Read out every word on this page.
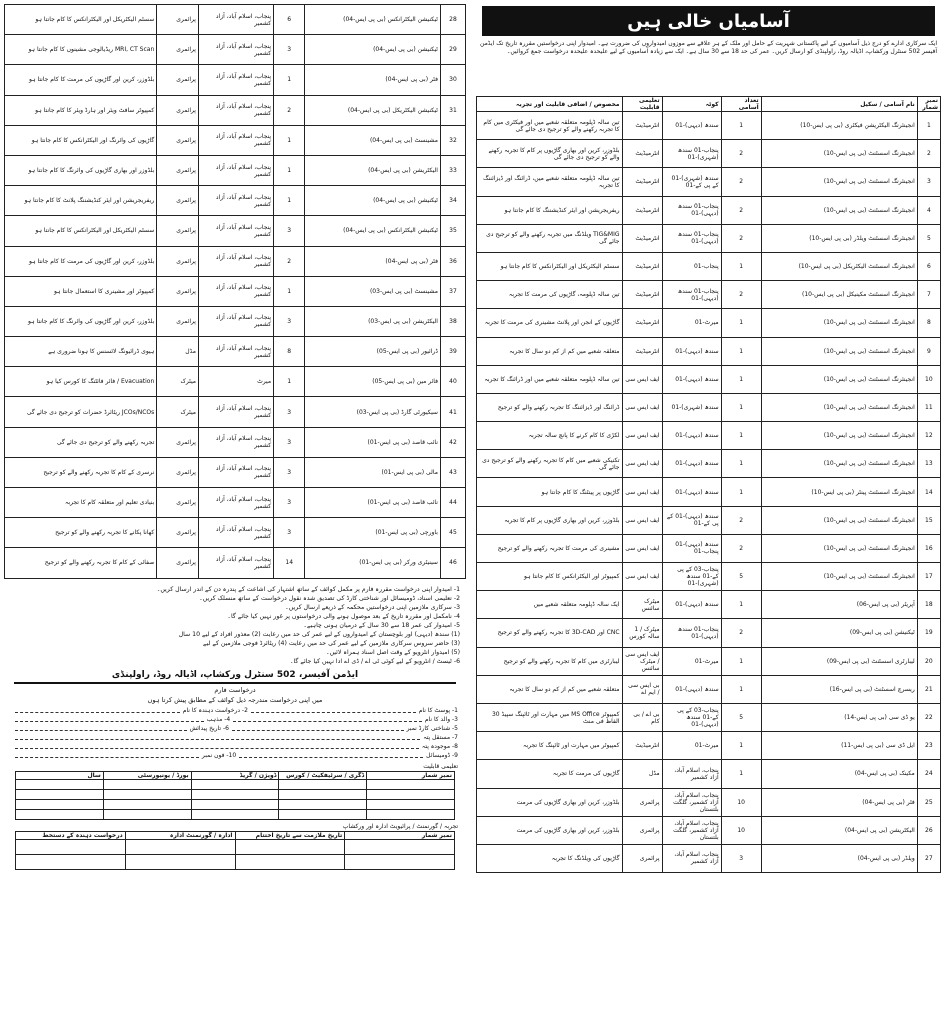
آسامیاں خالی ہیں
ایک سرکاری ادارے کو درج ذیل آسامیوں کے لیے پاکستانی شہریت کے حامل اور ملک کے ہر علاقے سے موزوں امیدواروں کی ضرورت ہے۔ امیدوار اپنی درخواستیں مقررہ تاریخ تک ایڈمن آفیسر 502 سنٹرل ورکشاپ، اڈیالہ روڈ، راولپنڈی کو ارسال کریں۔ عمر کی حد 18 سے 30 سال ہے۔ ایک سے زیادہ آسامیوں کے لیے علیحدہ علیحدہ درخواست جمع کروائیں۔
مخصوص / اضافی قابلیت اور تجربہ	تعلیمی قابلیت	کوٹہ	تعداد آسامی	نام آسامی / سکیل	نمبر شمار
تین سالہ ڈپلومہ متعلقہ شعبے میں اور فیکٹری میں کام کا تجربہ رکھنے والے کو ترجیح دی جائے گی	انٹرمیڈیٹ	سندھ (دیہی)-01	1	انجینئرنگ الیکٹریشن فیکٹری (بی پی ایس-10)	1
بلڈوزر، کرین اور بھاری گاڑیوں پر کام کا تجربہ رکھنے والے کو ترجیح دی جائے گی	انٹرمیڈیٹ	پنجاب-01 سندھ (شہری)-01	2	انجینئرنگ اسسٹنٹ (بی پی ایس-10)	2
تین سالہ ڈپلومہ متعلقہ شعبے میں، ڈرائنگ اور ڈیزائننگ کا تجربہ	انٹرمیڈیٹ	سندھ (شہری)-01 کے پی کے-01	2	انجینئرنگ اسسٹنٹ (بی پی ایس-10)	3
ریفریجریشن اور ایئر کنڈیشننگ کا کام جانتا ہو	انٹرمیڈیٹ	پنجاب-01 سندھ (دیہی)-01	2	انجینئرنگ اسسٹنٹ (بی پی ایس-10)	4
TIG&MIG ویلڈنگ میں تجربہ رکھنے والے کو ترجیح دی جائے گی	انٹرمیڈیٹ	پنجاب-01 سندھ (دیہی)-01	2	انجینئرنگ اسسٹنٹ ویلڈر (بی پی ایس-10)	5
سسٹم الیکٹریکل اور الیکٹرانکس کا کام جانتا ہو	انٹرمیڈیٹ	پنجاب-01	1	انجینئرنگ اسسٹنٹ الیکٹریکل (بی پی ایس-10)	6
تین سالہ ڈپلومہ، گاڑیوں کی مرمت کا تجربہ	انٹرمیڈیٹ	پنجاب-01 سندھ (دیہی)-01	2	انجینئرنگ اسسٹنٹ مکینیکل (بی پی ایس-10)	7
گاڑیوں کے انجن اور پلانٹ مشینری کی مرمت کا تجربہ	انٹرمیڈیٹ	میرٹ-01	1	انجینئرنگ اسسٹنٹ (بی پی ایس-10)	8
متعلقہ شعبے میں کم از کم دو سال کا تجربہ	انٹرمیڈیٹ	سندھ (دیہی)-01	1	انجینئرنگ اسسٹنٹ (بی پی ایس-10)	9
تین سالہ ڈپلومہ متعلقہ شعبے میں اور ڈرائنگ کا تجربہ	ایف ایس سی	سندھ (دیہی)-01	1	انجینئرنگ اسسٹنٹ (بی پی ایس-10)	10
ڈرائنگ اور ڈیزائننگ کا تجربہ رکھنے والے کو ترجیح	ایف ایس سی	سندھ (شہری)-01	1	انجینئرنگ اسسٹنٹ (بی پی ایس-10)	11
لکڑی کا کام کرنے کا پانچ سالہ تجربہ	ایف ایس سی	سندھ (دیہی)-01	1	انجینئرنگ اسسٹنٹ (بی پی ایس-10)	12
تکنیکی شعبے میں کام کا تجربہ رکھنے والے کو ترجیح دی جائے گی	ایف ایس سی	سندھ (دیہی)-01	1	انجینئرنگ اسسٹنٹ (بی پی ایس-10)	13
گاڑیوں پر پینٹنگ کا کام جانتا ہو	ایف ایس سی	سندھ (دیہی)-01	1	انجینئرنگ اسسٹنٹ پینٹر (بی پی ایس-10)	14
بلڈوزر، کرین اور بھاری گاڑیوں پر کام کا تجربہ	ایف ایس سی	سندھ (دیہی)-01 کے پی کے-01	2	انجینئرنگ اسسٹنٹ (بی پی ایس-10)	15
مشینری کی مرمت کا تجربہ رکھنے والے کو ترجیح	ایف ایس سی	سندھ (دیہی)-01 پنجاب-01	2	انجینئرنگ اسسٹنٹ (بی پی ایس-10)	16
کمپیوٹر اور الیکٹرانکس کا کام جانتا ہو	ایف ایس سی	پنجاب-03 کے پی کے-01 سندھ (شہری)-01	5	انجینئرنگ اسسٹنٹ (بی پی ایس-10)	17
ایک سالہ ڈپلومہ متعلقہ شعبے میں	میٹرک سائنس	سندھ (دیہی)-01	1	آپریٹر (بی پی ایس-06)	18
CNC اور 3D-CAD کا تجربہ رکھنے والے کو ترجیح	میٹرک / 1 سالہ کورس	پنجاب-01 سندھ (دیہی)-01	2	ٹیکنیشن (بی پی ایس-09)	19
لیبارٹری میں کام کا تجربہ رکھنے والے کو ترجیح	ایف ایس سی / میٹرک سائنس	میرٹ-01	1	لیبارٹری اسسٹنٹ (بی پی ایس-09)	20
متعلقہ شعبے میں کم از کم دو سال کا تجربہ	بی ایس سی / ایم اے	سندھ (دیہی)-01	1	ریسرچ اسسٹنٹ (بی پی ایس-16)	21
کمپیوٹر MS Office میں مہارت اور ٹائپنگ سپیڈ 30 الفاظ فی منٹ	بی اے / بی کام	پنجاب-03 کے پی کے-01 سندھ (دیہی)-01	5	یو ڈی سی (بی پی ایس-14)	22
کمپیوٹر میں مہارت اور ٹائپنگ کا تجربہ	انٹرمیڈیٹ	میرٹ-01	1	ایل ڈی سی (بی پی ایس-11)	23
گاڑیوں کی مرمت کا تجربہ	مڈل	پنجاب، اسلام آباد، آزاد کشمیر	1	مکینک (بی پی ایس-04)	24
بلڈوزر، کرین اور بھاری گاڑیوں کی مرمت	پرائمری	پنجاب، اسلام آباد، آزاد کشمیر، گلگت بلتستان	10	فٹر (بی پی ایس-04)	25
بلڈوزر، کرین اور بھاری گاڑیوں کی مرمت	پرائمری	پنجاب، اسلام آباد، آزاد کشمیر، گلگت بلتستان	10	الیکٹریشن (بی پی ایس-04)	26
گاڑیوں کی ویلڈنگ کا تجربہ	پرائمری	پنجاب، اسلام آباد، آزاد کشمیر	3	ویلڈر (بی پی ایس-04)	27
سسٹم الیکٹریکل اور الیکٹرانکس کا کام جانتا ہو	پرائمری	پنجاب، اسلام آباد، آزاد کشمیر	6	ٹیکنیشن الیکٹرانکس (بی پی ایس-04)	28
MRI, CT Scan ریڈیالوجی مشینوں کا کام جانتا ہو	پرائمری	پنجاب، اسلام آباد، آزاد کشمیر	3	ٹیکنیشن (بی پی ایس-04)	29
بلڈوزر، کرین اور گاڑیوں کی مرمت کا کام جانتا ہو	پرائمری	پنجاب، اسلام آباد، آزاد کشمیر	1	فٹر (بی پی ایس-04)	30
کمپیوٹر سافٹ ویئر اور ہارڈ ویئر کا کام جانتا ہو	پرائمری	پنجاب، اسلام آباد، آزاد کشمیر	2	ٹیکنیشن الیکٹریکل (بی پی ایس-04)	31
گاڑیوں کی وائرنگ اور الیکٹرانکس کا کام جانتا ہو	پرائمری	پنجاب، اسلام آباد، آزاد کشمیر	1	مشینسٹ (بی پی ایس-04)	32
بلڈوزر اور بھاری گاڑیوں کی وائرنگ کا کام جانتا ہو	پرائمری	پنجاب، اسلام آباد، آزاد کشمیر	1	الیکٹریشن (بی پی ایس-04)	33
ریفریجریشن اور ایئر کنڈیشننگ پلانٹ کا کام جانتا ہو	پرائمری	پنجاب، اسلام آباد، آزاد کشمیر	1	ٹیکنیشن (بی پی ایس-04)	34
سسٹم الیکٹریکل اور الیکٹرانکس کا کام جانتا ہو	پرائمری	پنجاب، اسلام آباد، آزاد کشمیر	3	ٹیکنیشن الیکٹرانکس (بی پی ایس-04)	35
بلڈوزر، کرین اور گاڑیوں کی مرمت کا کام جانتا ہو	پرائمری	پنجاب، اسلام آباد، آزاد کشمیر	2	فٹر (بی پی ایس-04)	36
کمپیوٹر اور مشینری کا استعمال جانتا ہو	پرائمری	پنجاب، اسلام آباد، آزاد کشمیر	1	مشینسٹ (بی پی ایس-03)	37
بلڈوزر، کرین اور گاڑیوں کی وائرنگ کا کام جانتا ہو	پرائمری	پنجاب، اسلام آباد، آزاد کشمیر	3	الیکٹریشن (بی پی ایس-03)	38
ہیوی ڈرائیونگ لائسنس کا ہونا ضروری ہے	مڈل	پنجاب، اسلام آباد، آزاد کشمیر	8	ڈرائیور (بی پی ایس-05)	39
Evacuation / فائر فائٹنگ کا کورس کیا ہو	میٹرک	میرٹ	1	فائر مین (بی پی ایس-05)	40
JCOs/NCOs ریٹائرڈ حضرات کو ترجیح دی جائے گی	میٹرک	پنجاب، اسلام آباد، آزاد کشمیر	3	سیکیورٹی گارڈ (بی پی ایس-03)	41
تجربہ رکھنے والے کو ترجیح دی جائے گی	پرائمری	پنجاب، اسلام آباد، آزاد کشمیر	3	نائب قاصد (بی پی ایس-01)	42
نرسری کے کام کا تجربہ رکھنے والے کو ترجیح	پرائمری	پنجاب، اسلام آباد، آزاد کشمیر	3	مالی (بی پی ایس-01)	43
بنیادی تعلیم اور متعلقہ کام کا تجربہ	پرائمری	پنجاب، اسلام آباد، آزاد کشمیر	3	نائب قاصد (بی پی ایس-01)	44
کھانا پکانے کا تجربہ رکھنے والے کو ترجیح	پرائمری	پنجاب، اسلام آباد، آزاد کشمیر	3	باورچی (بی پی ایس-01)	45
صفائی کے کام کا تجربہ رکھنے والے کو ترجیح	پرائمری	پنجاب، اسلام آباد، آزاد کشمیر	14	سینیٹری ورکر (بی پی ایس-01)	46
1- امیدوار اپنی درخواست مقررہ فارم پر مکمل کوائف کے ساتھ اشتہار کی اشاعت کے پندرہ دن کے اندر ارسال کریں۔
2- تعلیمی اسناد، ڈومیسائل اور شناختی کارڈ کی تصدیق شدہ نقول درخواست کے ساتھ منسلک کریں۔
3- سرکاری ملازمین اپنی درخواستیں محکمہ کے ذریعے ارسال کریں۔
4- نامکمل اور مقررہ تاریخ کے بعد موصول ہونے والی درخواستوں پر غور نہیں کیا جائے گا۔
5- امیدوار کی عمر 18 سے 30 سال کے درمیان ہونی چاہیے۔
(1) سندھ (دیہی) اور بلوچستان کے امیدواروں کے لیے عمر کی حد میں رعایت (2) معذور افراد کے لیے 10 سال
(3) حاضر سروس سرکاری ملازمین کے لیے عمر کی حد میں رعایت (4) ریٹائرڈ فوجی ملازمین کے لیے
(5) امیدوار انٹرویو کے وقت اصل اسناد ہمراہ لائیں۔
6- ٹیسٹ / انٹرویو کے لیے کوئی ٹی اے / ڈی اے ادا نہیں کیا جائے گا۔
ایڈمن آفیسر، 502 سنٹرل ورکشاپ، اڈیالہ روڈ، راولپنڈی
درخواست فارم
میں اپنی درخواست مندرجہ ذیل کوائف کے مطابق پیش کرتا ہوں
1- پوسٹ کا نام
2- درخواست دہندہ کا نام
3- والد کا نام
4- مذہب
5- شناختی کارڈ نمبر
6- تاریخ پیدائش
7- مستقل پتہ
8- موجودہ پتہ
9- ڈومیسائل
10- فون نمبر
تعلیمی قابلیت
سال	بورڈ / یونیورسٹی	ڈویژن / گریڈ	ڈگری / سرٹیفکیٹ / کورس	نمبر شمار

تجربہ / گورنمنٹ / پرائیویٹ ادارہ اور ورکشاپ
درخواست دہندہ کے دستخط	ادارہ / گورنمنٹ ادارہ	تاریخ ملازمت سے تاریخ اختتام	نمبر شمار
